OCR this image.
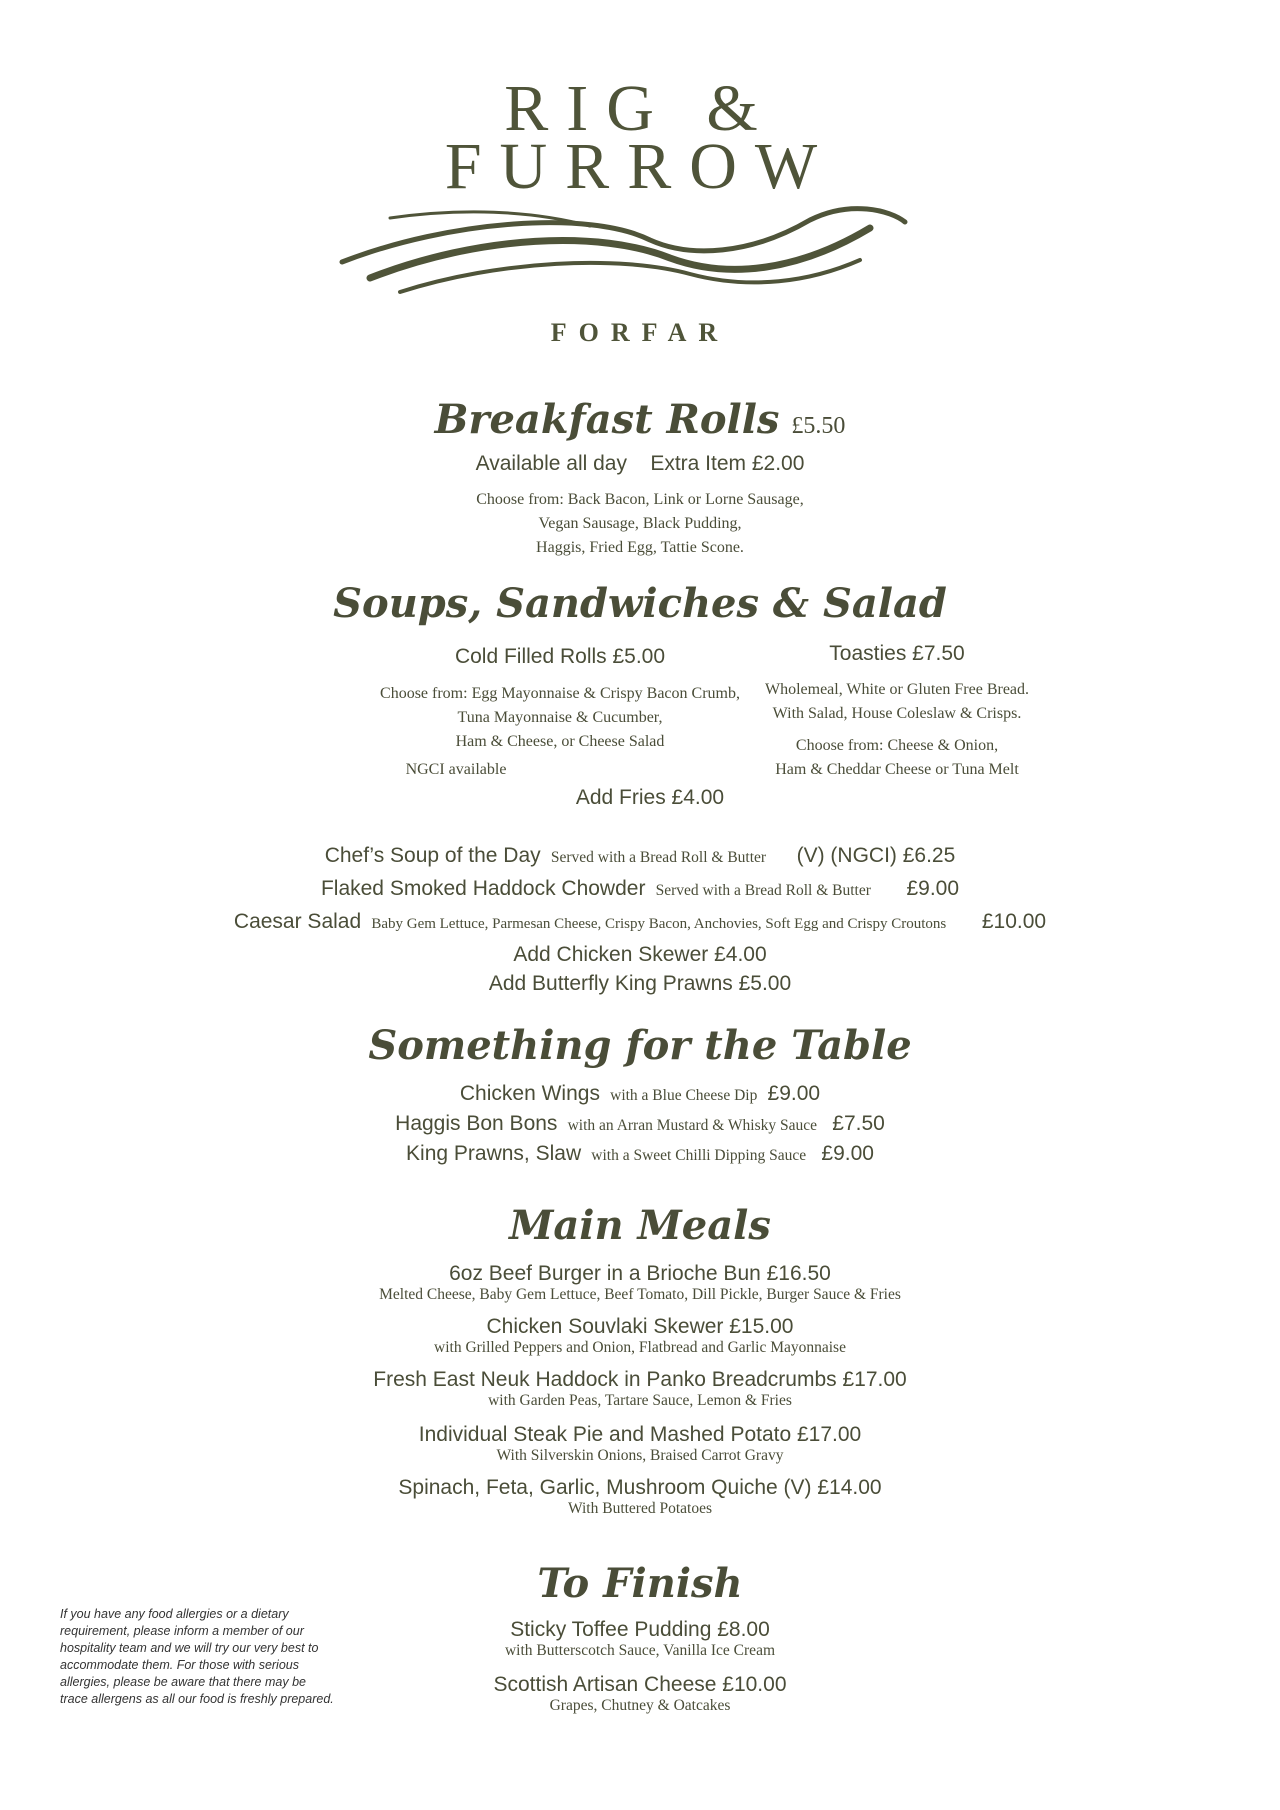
RIG &
FURROW
FORFAR
Breakfast Rolls £5.50
Available all day Extra Item £2.00
Choose from: Back Bacon, Link or Lorne Sausage,
Vegan Sausage, Black Pudding,
Haggis, Fried Egg, Tattie Scone.
Soups, Sandwiches & Salad
Cold Filled Rolls £5.00
Choose from: Egg Mayonnaise & Crispy Bacon Crumb,
Tuna Mayonnaise & Cucumber,
Ham & Cheese, or Cheese Salad
NGCI available
Toasties £7.50
Wholemeal, White or Gluten Free Bread.
With Salad, House Coleslaw & Crisps.
Choose from: Cheese & Onion,
Ham & Cheddar Cheese or Tuna Melt
Add Fries £4.00
Chef’s Soup of the Day Served with a Bread Roll & Butter (V) (NGCI) £6.25
Flaked Smoked Haddock Chowder Served with a Bread Roll & Butter £9.00
Caesar Salad Baby Gem Lettuce, Parmesan Cheese, Crispy Bacon, Anchovies, Soft Egg and Crispy Croutons £10.00
Add Chicken Skewer £4.00
Add Butterfly King Prawns £5.00
Something for the Table
Chicken Wings with a Blue Cheese Dip £9.00
Haggis Bon Bons with an Arran Mustard & Whisky Sauce £7.50
King Prawns, Slaw with a Sweet Chilli Dipping Sauce £9.00
Main Meals
6oz Beef Burger in a Brioche Bun £16.50
Melted Cheese, Baby Gem Lettuce, Beef Tomato, Dill Pickle, Burger Sauce & Fries
Chicken Souvlaki Skewer £15.00
with Grilled Peppers and Onion, Flatbread and Garlic Mayonnaise
Fresh East Neuk Haddock in Panko Breadcrumbs £17.00
with Garden Peas, Tartare Sauce, Lemon & Fries
Individual Steak Pie and Mashed Potato £17.00
With Silverskin Onions, Braised Carrot Gravy
Spinach, Feta, Garlic, Mushroom Quiche (V) £14.00
With Buttered Potatoes
To Finish
Sticky Toffee Pudding £8.00
with Butterscotch Sauce, Vanilla Ice Cream
Scottish Artisan Cheese £10.00
Grapes, Chutney & Oatcakes
If you have any food allergies or a dietary
requirement, please inform a member of our
hospitality team and we will try our very best to
accommodate them. For those with serious
allergies, please be aware that there may be
trace allergens as all our food is freshly prepared.
